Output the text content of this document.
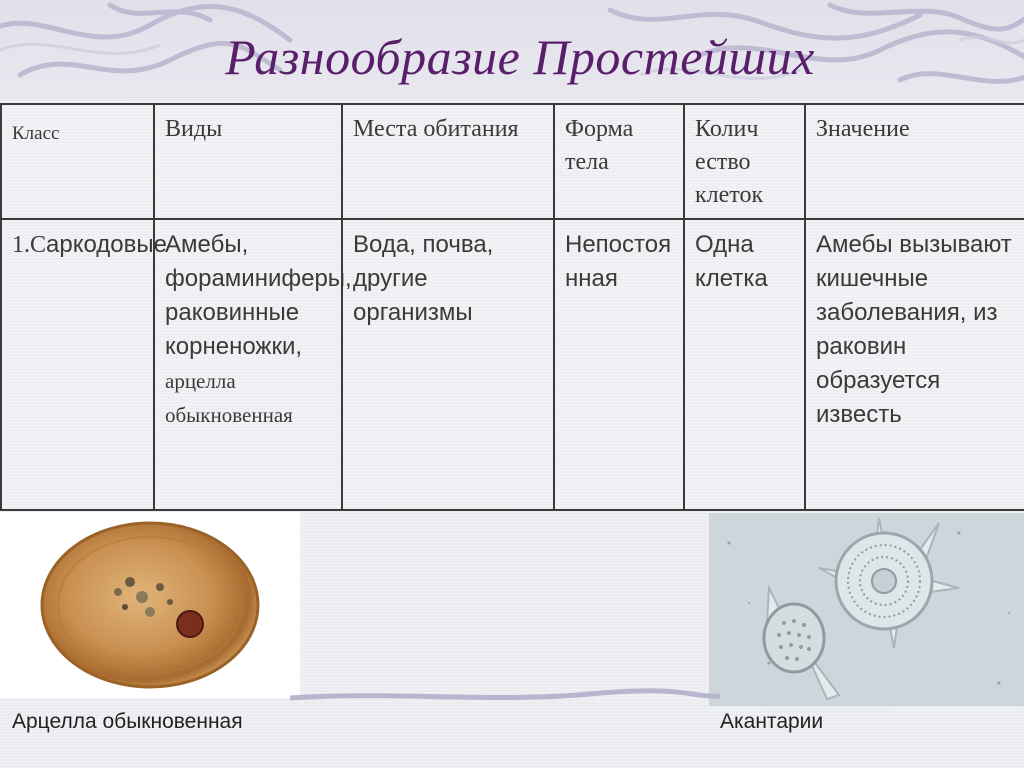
Разнообразие Простейших
Класс	Виды	Места обитания	Форма тела	Колич ество клеток	Значение
1.Саркодовые	Амебы, фораминиферы, раковинные корненожки, арцелла обыкновенная	Вода, почва, другие организмы	Непостоянная	Одна клетка	Амебы вызывают кишечные заболевания, из раковин образуется известь
Арцелла обыкновенная	Акантарии
